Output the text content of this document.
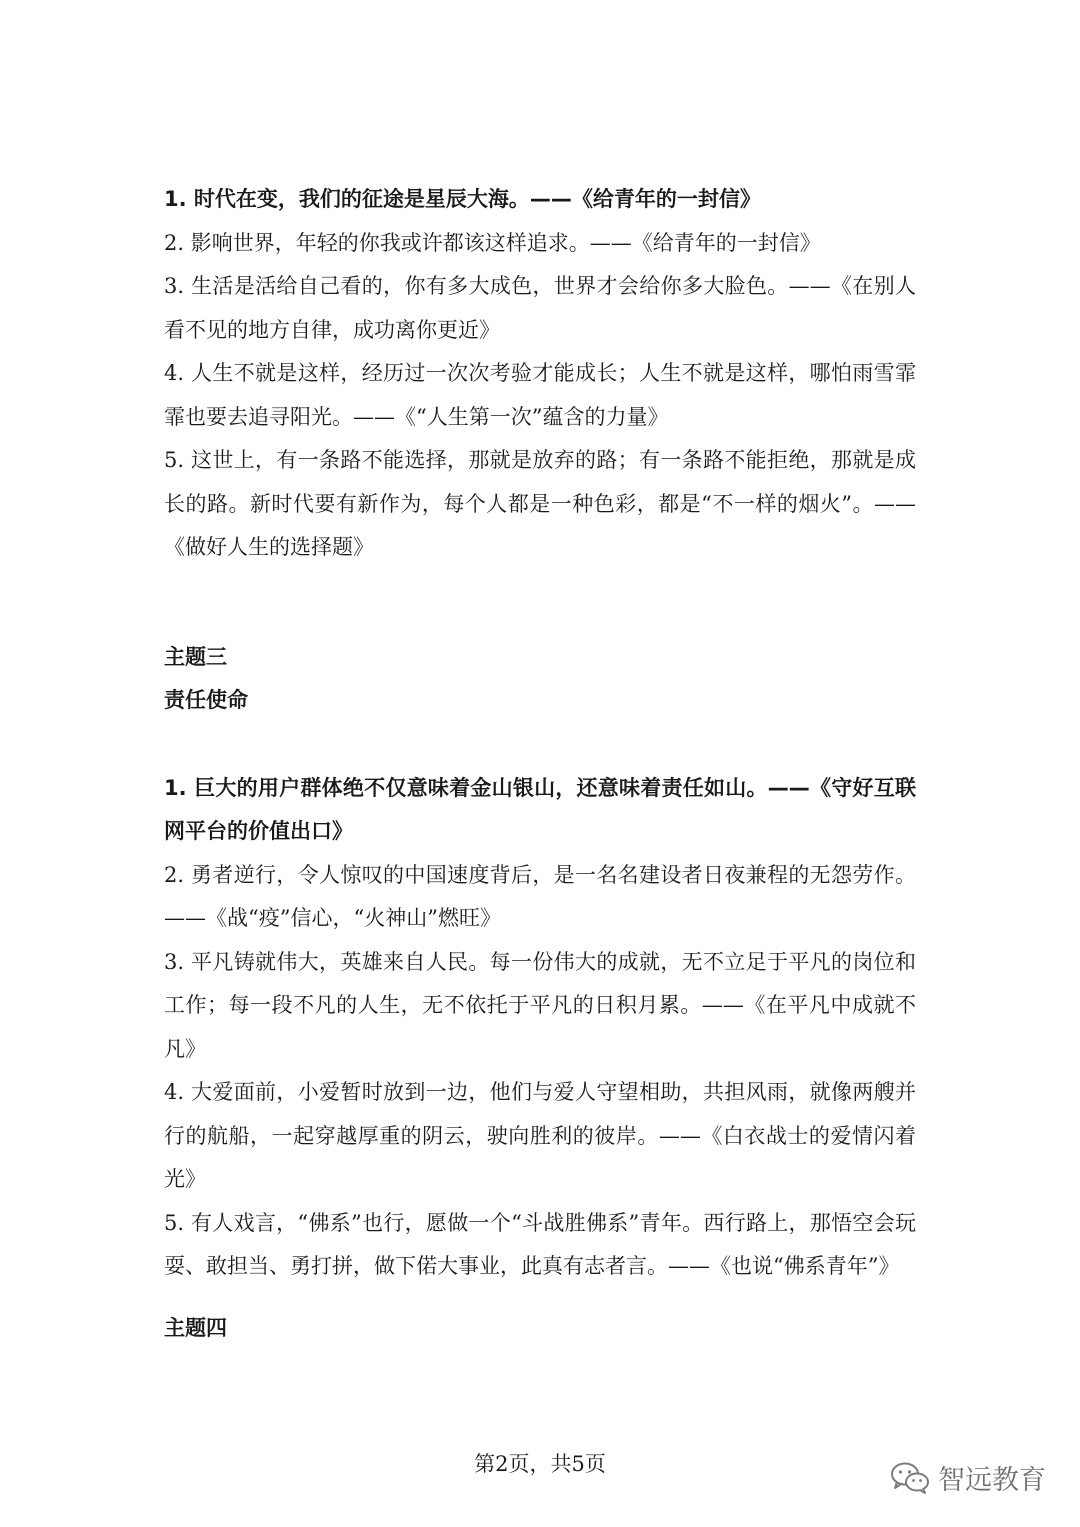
1. 时代在变，我们的征途是星辰大海。——《给青年的一封信》

2. 影响世界，年轻的你我或许都该这样追求。——《给青年的一封信》

3. 生活是活给自己看的，你有多大成色，世界才会给你多大脸色。——《在别人看不见的地方自律，成功离你更近》

4. 人生不就是这样，经历过一次次考验才能成长；人生不就是这样，哪怕雨雪霏霏也要去追寻阳光。——《“人生第一次”蕴含的力量》

5. 这世上，有一条路不能选择，那就是放弃的路；有一条路不能拒绝，那就是成长的路。新时代要有新作为，每个人都是一种色彩，都是“不一样的烟火”。——《做好人生的选择题》

主题三

责任使命

1. 巨大的用户群体绝不仅意味着金山银山，还意味着责任如山。——《守好互联网平台的价值出口》

2. 勇者逆行，令人惊叹的中国速度背后，是一名名建设者日夜兼程的无怨劳作。——《战“疫”信心，“火神山”燃旺》

3. 平凡铸就伟大，英雄来自人民。每一份伟大的成就，无不立足于平凡的岗位和工作；每一段不凡的人生，无不依托于平凡的日积月累。——《在平凡中成就不凡》

4. 大爱面前，小爱暂时放到一边，他们与爱人守望相助，共担风雨，就像两艘并行的航船，一起穿越厚重的阴云，驶向胜利的彼岸。——《白衣战士的爱情闪着光》

5. 有人戏言，“佛系”也行，愿做一个“斗战胜佛系”青年。西行路上，那悟空会玩耍、敢担当、勇打拼，做下偌大事业，此真有志者言。——《也说“佛系青年”》

主题四

第2页，共5页
智远教育
